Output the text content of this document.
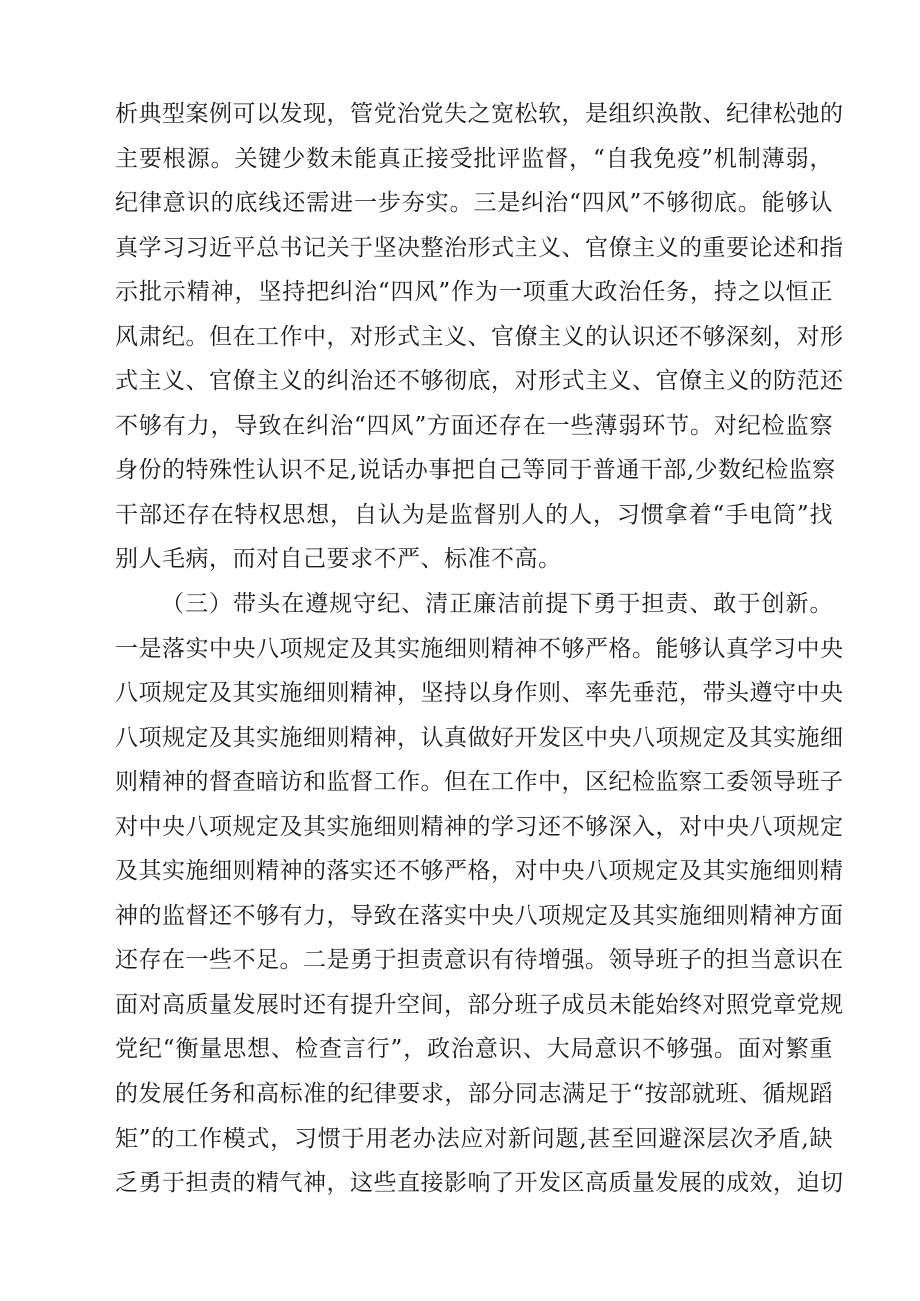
析典型案例可以发现，管党治党失之宽松软，是组织涣散、纪律松弛的
主要根源。关键少数未能真正接受批评监督，“自我免疫”机制薄弱，
纪律意识的底线还需进一步夯实。三是纠治“四风”不够彻底。能够认
真学习习近平总书记关于坚决整治形式主义、官僚主义的重要论述和指
示批示精神，坚持把纠治“四风”作为一项重大政治任务，持之以恒正
风肃纪。但在工作中，对形式主义、官僚主义的认识还不够深刻，对形
式主义、官僚主义的纠治还不够彻底，对形式主义、官僚主义的防范还
不够有力，导致在纠治“四风”方面还存在一些薄弱环节。对纪检监察
身份的特殊性认识不足,说话办事把自己等同于普通干部,少数纪检监察
干部还存在特权思想，自认为是监督别人的人，习惯拿着“手电筒”找
别人毛病，而对自己要求不严、标准不高。
（三）带头在遵规守纪、清正廉洁前提下勇于担责、敢于创新。
一是落实中央八项规定及其实施细则精神不够严格。能够认真学习中央
八项规定及其实施细则精神，坚持以身作则、率先垂范，带头遵守中央
八项规定及其实施细则精神，认真做好开发区中央八项规定及其实施细
则精神的督查暗访和监督工作。但在工作中，区纪检监察工委领导班子
对中央八项规定及其实施细则精神的学习还不够深入，对中央八项规定
及其实施细则精神的落实还不够严格，对中央八项规定及其实施细则精
神的监督还不够有力，导致在落实中央八项规定及其实施细则精神方面
还存在一些不足。二是勇于担责意识有待增强。领导班子的担当意识在
面对高质量发展时还有提升空间，部分班子成员未能始终对照党章党规
党纪“衡量思想、检查言行”，政治意识、大局意识不够强。面对繁重
的发展任务和高标准的纪律要求，部分同志满足于“按部就班、循规蹈
矩”的工作模式，习惯于用老办法应对新问题,甚至回避深层次矛盾,缺
乏勇于担责的精气神，这些直接影响了开发区高质量发展的成效，迫切
